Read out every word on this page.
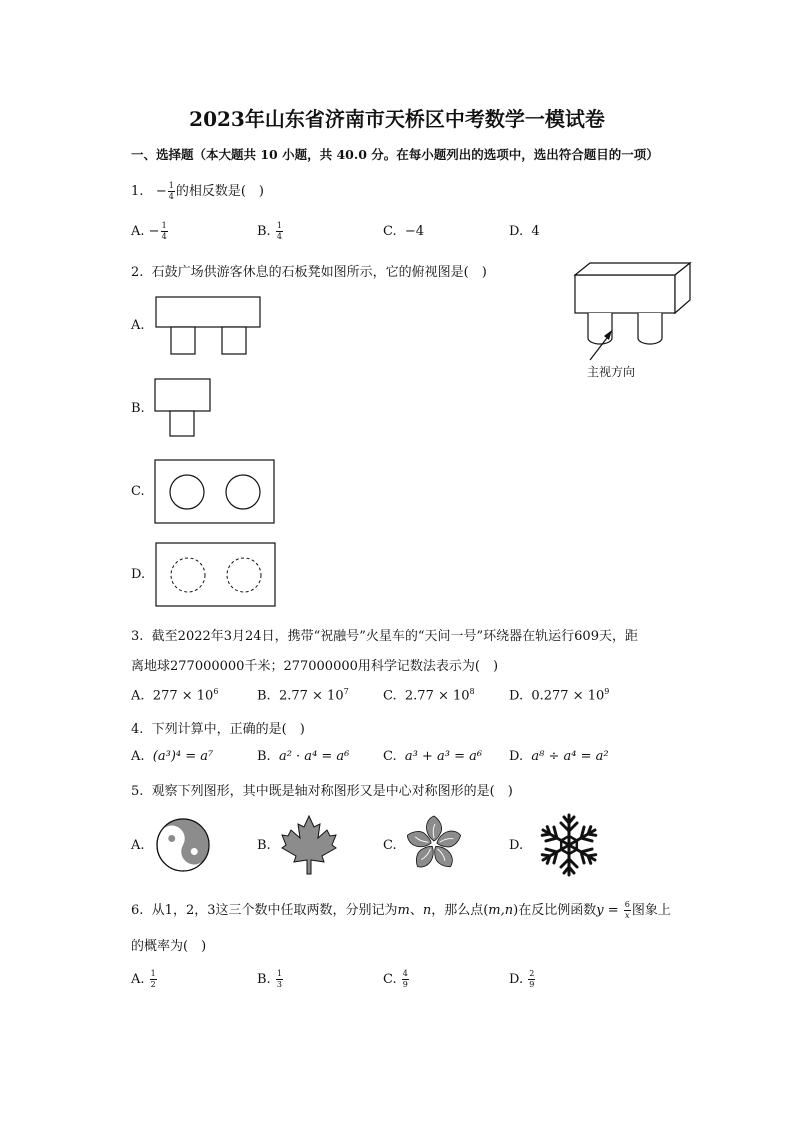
2023年山东省济南市天桥区中考数学一模试卷
一、选择题（本大题共 10 小题，共 40.0 分。在每小题列出的选项中，选出符合题目的一项）
1. − $\frac{1}{4}$ 的相反数是(　)
A. − $\frac{1}{4}$	B. $\frac{1}{4}$	C. −4	D. 4
2. 石鼓广场供游客休息的石板凳如图所示，它的俯视图是(　)
主视方向
A.
B.
C.
D.
3. 截至2022年3月24日，携带“祝融号”火星车的“天问一号”环绕器在轨运行609天，距
离地球277000000千米；277000000用科学记数法表示为(　)
A. $277 \times 10^6$	B. $2.77 \times 10^7$	C. $2.77 \times 10^8$	D. $0.277 \times 10^9$
4. 下列计算中，正确的是(　)
A. (a³)⁴ = a⁷	B. a² · a⁴ = a⁶	C. a³ + a³ = a⁶ D. a⁸ ÷ a⁴ = a²
5. 观察下列图形，其中既是轴对称图形又是中心对称图形的是(　)
A.	B.	C.	D.
6. 从1，2，3这三个数中任取两数，分别记为m、n，那么点(m,n)在反比例函数$y = \frac{6}{x}$ 图象上
的概率为(　)
A. $\frac{1}{2}$	B. $\frac{1}{3}$	C. $\frac{4}{9}$	D. $\frac{2}{9}$
